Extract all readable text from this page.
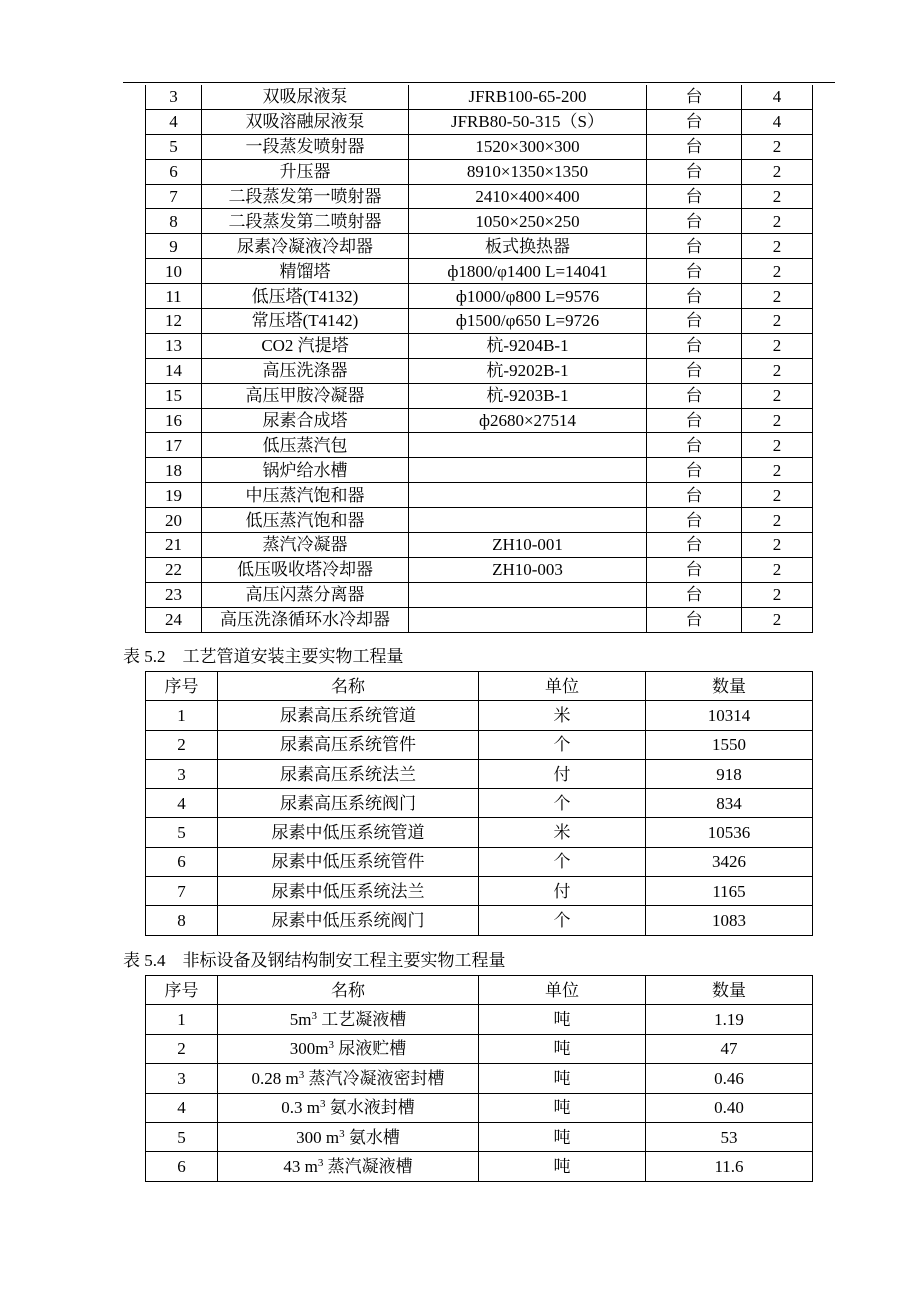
3	双吸尿液泵	JFRB100-65-200	台	4
4	双吸溶融尿液泵	JFRB80-50-315（S）	台	4
5	一段蒸发喷射器	1520×300×300	台	2
6	升压器	8910×1350×1350	台	2
7	二段蒸发第一喷射器	2410×400×400	台	2
8	二段蒸发第二喷射器	1050×250×250	台	2
9	尿素冷凝液冷却器	板式换热器	台	2
10	精馏塔	ф1800/φ1400 L=14041	台	2
11	低压塔(T4132)	ф1000/φ800 L=9576	台	2
12	常压塔(T4142)	ф1500/φ650 L=9726	台	2
13	CO2 汽提塔	杭-9204B-1	台	2
14	高压洗涤器	杭-9202B-1	台	2
15	高压甲胺冷凝器	杭-9203B-1	台	2
16	尿素合成塔	ф2680×27514	台	2
17	低压蒸汽包		台	2
18	锅炉给水槽		台	2
19	中压蒸汽饱和器		台	2
20	低压蒸汽饱和器		台	2
21	蒸汽冷凝器	ZH10-001	台	2
22	低压吸收塔冷却器	ZH10-003	台	2
23	高压闪蒸分离器		台	2
24	高压洗涤循环水冷却器		台	2
表 5.2　工艺管道安装主要实物工程量
序号	名称	单位	数量
1	尿素高压系统管道	米	10314
2	尿素高压系统管件	个	1550
3	尿素高压系统法兰	付	918
4	尿素高压系统阀门	个	834
5	尿素中低压系统管道	米	10536
6	尿素中低压系统管件	个	3426
7	尿素中低压系统法兰	付	1165
8	尿素中低压系统阀门	个	1083
表 5.4　非标设备及钢结构制安工程主要实物工程量
序号	名称	单位	数量
1	$5m^3$ 工艺凝液槽	吨	1.19
2	$300m^3$ 尿液贮槽	吨	47
3	0.28 $m^3$ 蒸汽冷凝液密封槽	吨	0.46
4	0.3 $m^3$ 氨水液封槽	吨	0.40
5	300 $m^3$ 氨水槽	吨	53
6	43 $m^3$ 蒸汽凝液槽	吨	11.6
